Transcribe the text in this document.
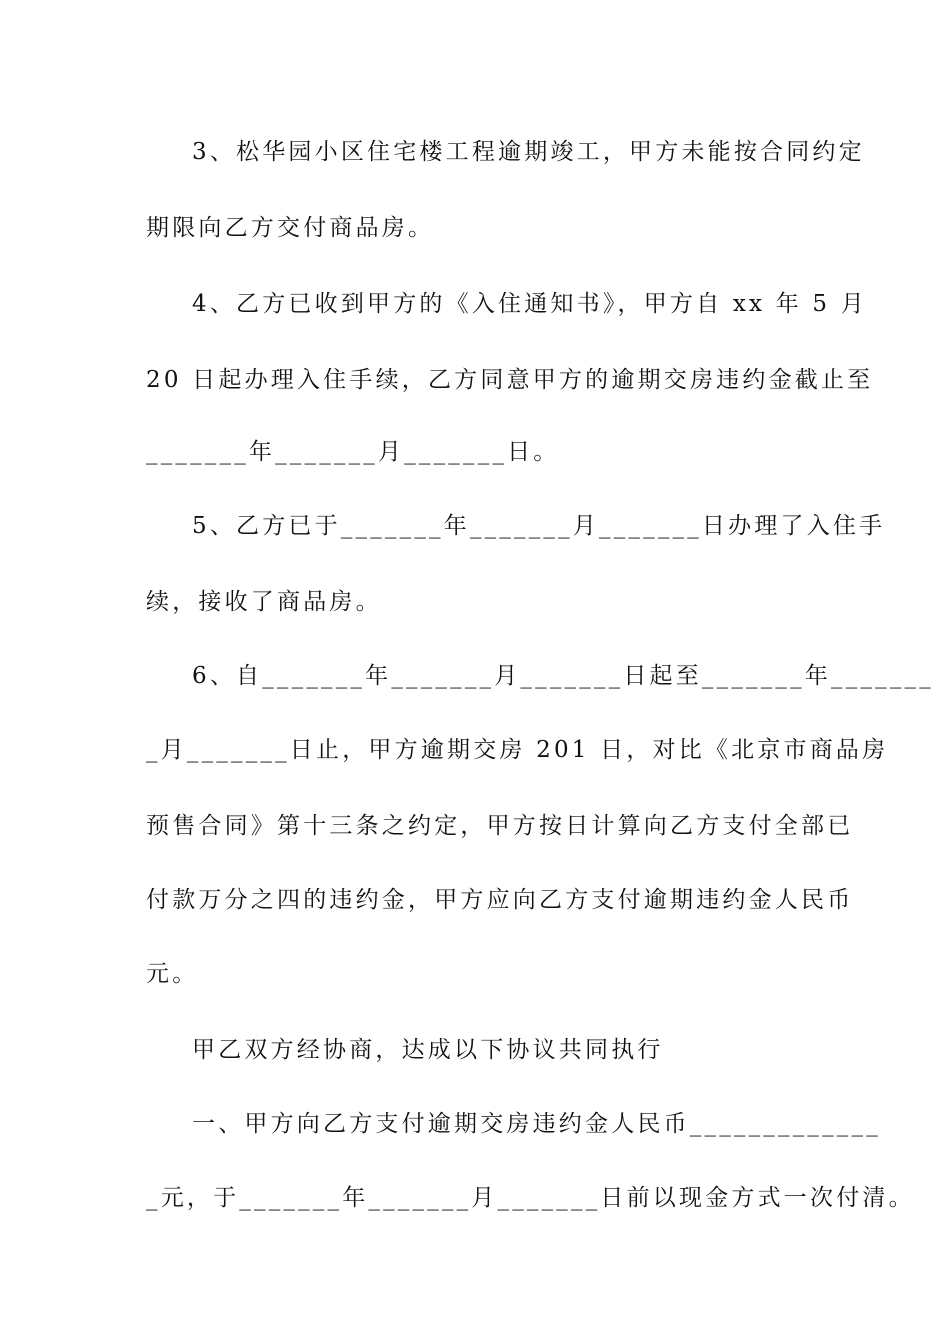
3、松华园小区住宅楼工程逾期竣工，甲方未能按合同约定
期限向乙方交付商品房。
4、乙方已收到甲方的《入住通知书》，甲方自 xx 年 5 月
20 日起办理入住手续，乙方同意甲方的逾期交房违约金截止至
_______年_______月_______日。
5、乙方已于_______年_______月_______日办理了入住手
续，接收了商品房。
6、自_______年_______月_______日起至_______年_______
_月_______日止，甲方逾期交房 201 日，对比《北京市商品房
预售合同》第十三条之约定，甲方按日计算向乙方支付全部已
付款万分之四的违约金，甲方应向乙方支付逾期违约金人民币
元。
甲乙双方经协商，达成以下协议共同执行
一、甲方向乙方支付逾期交房违约金人民币_____________
_元，于_______年_______月_______日前以现金方式一次付清。
